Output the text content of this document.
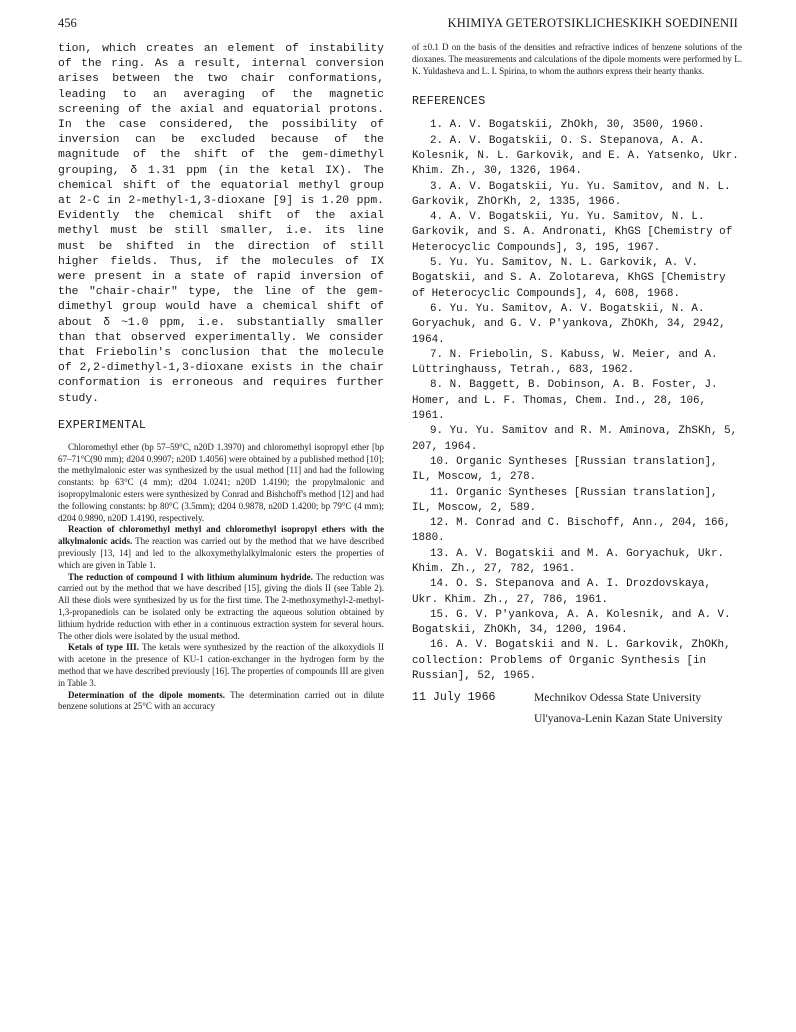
456	KHIMIYA GETEROTSIKLICHESKIKH SOEDINENII

tion, which creates an element of instability of the ring. As a result, internal conversion arises between the two chair conformations, leading to an averaging of the magnetic screening of the axial and equatorial protons. In the case considered, the possibility of inversion can be excluded because of the magnitude of the shift of the gem-dimethyl grouping, δ 1.31 ppm (in the ketal IX). The chemical shift of the equatorial methyl group at 2-C in 2-methyl-1,3-dioxane [9] is 1.20 ppm. Evidently the chemical shift of the axial methyl must be still smaller, i.e. its line must be shifted in the direction of still higher fields. Thus, if the molecules of IX were present in a state of rapid inversion of the "chair-chair" type, the line of the gem-dimethyl group would have a chemical shift of about δ ~1.0 ppm, i.e. substantially smaller than that observed experimentally. We consider that Friebolin's conclusion that the molecule of 2,2-dimethyl-1,3-dioxane exists in the chair conformation is erroneous and requires further study.

EXPERIMENTAL

Chloromethyl ether (bp 57–59°C, n20D 1.3970) and chloromethyl isopropyl ether [bp 67–71°C(90 mm); d204 0.9907; n20D 1.4056] were obtained by a published method [10]; the methylmalonic ester was synthesized by the usual method [11] and had the following constants: bp 63°C (4 mm); d204 1.0241; n20D 1.4190; the propylmalonic and isopropylmalonic esters were synthesized by Conrad and Bishchoff's method [12] and had the following constants: bp 80°C (3.5mm); d204 0.9878, n20D 1.4200; bp 79°C (4 mm); d204 0.9890, n20D 1.4190, respectively.

Reaction of chloromethyl methyl and chloromethyl isopropyl ethers with the alkylmalonic acids. The reaction was carried out by the method that we have described previously [13, 14] and led to the alkoxymethylalkylmalonic esters the properties of which are given in Table 1.

The reduction of compound I with lithium aluminum hydride. The reduction was carried out by the method that we have described [15], giving the diols II (see Table 2). All these diols were synthesized by us for the first time. The 2-methoxymethyl-2-methyl-1,3-propanediols can be isolated only be extracting the aqueous solution obtained by lithium hydride reduction with ether in a continuous extraction system for several hours. The other diols were isolated by the usual method.

Ketals of type III. The ketals were synthesized by the reaction of the alkoxydiols II with acetone in the presence of KU-1 cation-exchanger in the hydrogen form by the method that we have described previously [16]. The properties of compounds III are given in Table 3.

Determination of the dipole moments. The determination carried out in dilute benzene solutions at 25°C with an accuracy

of ±0.1 D on the basis of the densities and refractive indices of benzene solutions of the dioxanes. The measurements and calculations of the dipole moments were performed by L. K. Yuldasheva and L. I. Spirina, to whom the authors express their hearty thanks.

REFERENCES

1. A. V. Bogatskii, ZhOkh, 30, 3500, 1960.

2. A. V. Bogatskii, O. S. Stepanova, A. A. Kolesnik, N. L. Garkovik, and E. A. Yatsenko, Ukr. Khim. Zh., 30, 1326, 1964.

3. A. V. Bogatskii, Yu. Yu. Samitov, and N. L. Garkovik, ZhOrKh, 2, 1335, 1966.

4. A. V. Bogatskii, Yu. Yu. Samitov, N. L. Garkovik, and S. A. Andronati, KhGS [Chemistry of Heterocyclic Compounds], 3, 195, 1967.

5. Yu. Yu. Samitov, N. L. Garkovik, A. V. Bogatskii, and S. A. Zolotareva, KhGS [Chemistry of Heterocyclic Compounds], 4, 608, 1968.

6. Yu. Yu. Samitov, A. V. Bogatskii, N. A. Goryachuk, and G. V. P'yankova, ZhOKh, 34, 2942, 1964.

7. N. Friebolin, S. Kabuss, W. Meier, and A. Lüttringhauss, Tetrah., 683, 1962.

8. N. Baggett, B. Dobinson, A. B. Foster, J. Homer, and L. F. Thomas, Chem. Ind., 28, 106, 1961.

9. Yu. Yu. Samitov and R. M. Aminova, ZhSKh, 5, 207, 1964.

10. Organic Syntheses [Russian translation], IL, Moscow, 1, 278.

11. Organic Syntheses [Russian translation], IL, Moscow, 2, 589.

12. M. Conrad and C. Bischoff, Ann., 204, 166, 1880.

13. A. V. Bogatskii and M. A. Goryachuk, Ukr. Khim. Zh., 27, 782, 1961.

14. O. S. Stepanova and A. I. Drozdovskaya, Ukr. Khim. Zh., 27, 786, 1961.

15. G. V. P'yankova, A. A. Kolesnik, and A. V. Bogatskii, ZhOKh, 34, 1200, 1964.

16. A. V. Bogatskii and N. L. Garkovik, ZhOKh, collection: Problems of Organic Synthesis [in Russian], 52, 1965.

11 July 1966	Mechnikov Odessa State University
Ul'yanova-Lenin Kazan State University
